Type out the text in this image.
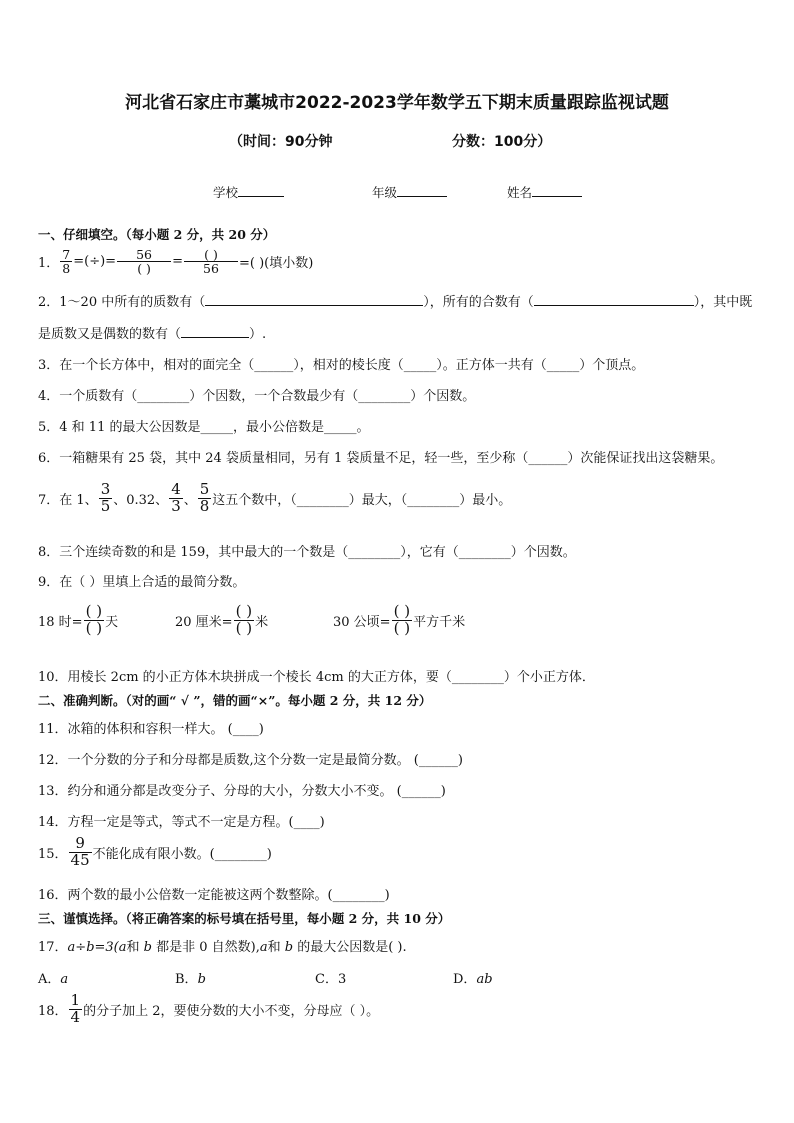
河北省石家庄市藁城市2022-2023学年数学五下期末质量跟踪监视试题
（时间：90分钟	分数：100分）
学校	年级	姓名
一、仔细填空。（每小题 2 分，共 20 分）
1． $\frac{7}{8}$ =(÷)= $\frac{56}{( )} = \frac{( )}{56}$ =( )(填小数)
2．1～20 中所有的质数有（	），所有的合数有（	），其中既
是质数又是偶数的数有（	）.
3．在一个长方体中，相对的面完全（______），相对的棱长度（_____）。正方体一共有（_____）个顶点。
4．一个质数有（________）个因数，一个合数最少有（________）个因数。
5．4 和 11 的最大公因数是_____，最小公倍数是_____。
6．一箱糖果有 25 袋，其中 24 袋质量相同，另有 1 袋质量不足，轻一些，至少称（______）次能保证找出这袋糖果。
7．在 1、 $\frac{3}{5}$ 、0.32、 $\frac{4}{3}$ 、 $\frac{5}{8}$ 这五个数中，（________）最大，（________）最小。
8．三个连续奇数的和是 159，其中最大的一个数是（________），它有（________）个因数。
9．在（ ）里填上合适的最简分数。
18 时= $\frac{( )}{( )}$ 天	20 厘米= $\frac{( )}{( )}$ 米	30 公顷= $\frac{( )}{( )}$ 平方千米
10．用棱长 2cm 的小正方体木块拼成一个棱长 4cm 的大正方体，要（________）个小正方体．
二、准确判断。（对的画“ √ ”，错的画“×”。每小题 2 分，共 12 分）
11．冰箱的体积和容积一样大。 (____)
12．一个分数的分子和分母都是质数,这个分数一定是最简分数。 (______)
13．约分和通分都是改变分子、分母的大小，分数大小不变。 (______)
14．方程一定是等式，等式不一定是方程。(____)
15． $\frac{9}{45}$ 不能化成有限小数。(________)
16．两个数的最小公倍数一定能被这两个数整除。(________)
三、谨慎选择。（将正确答案的标号填在括号里，每小题 2 分，共 10 分）
17．a÷b=3(a和 b 都是非 0 自然数),a和 b 的最大公因数是( ).
A．a	B．b	C．3	D．ab
18． $\frac{1}{4}$ 的分子加上 2，要使分数的大小不变，分母应（ ）。
